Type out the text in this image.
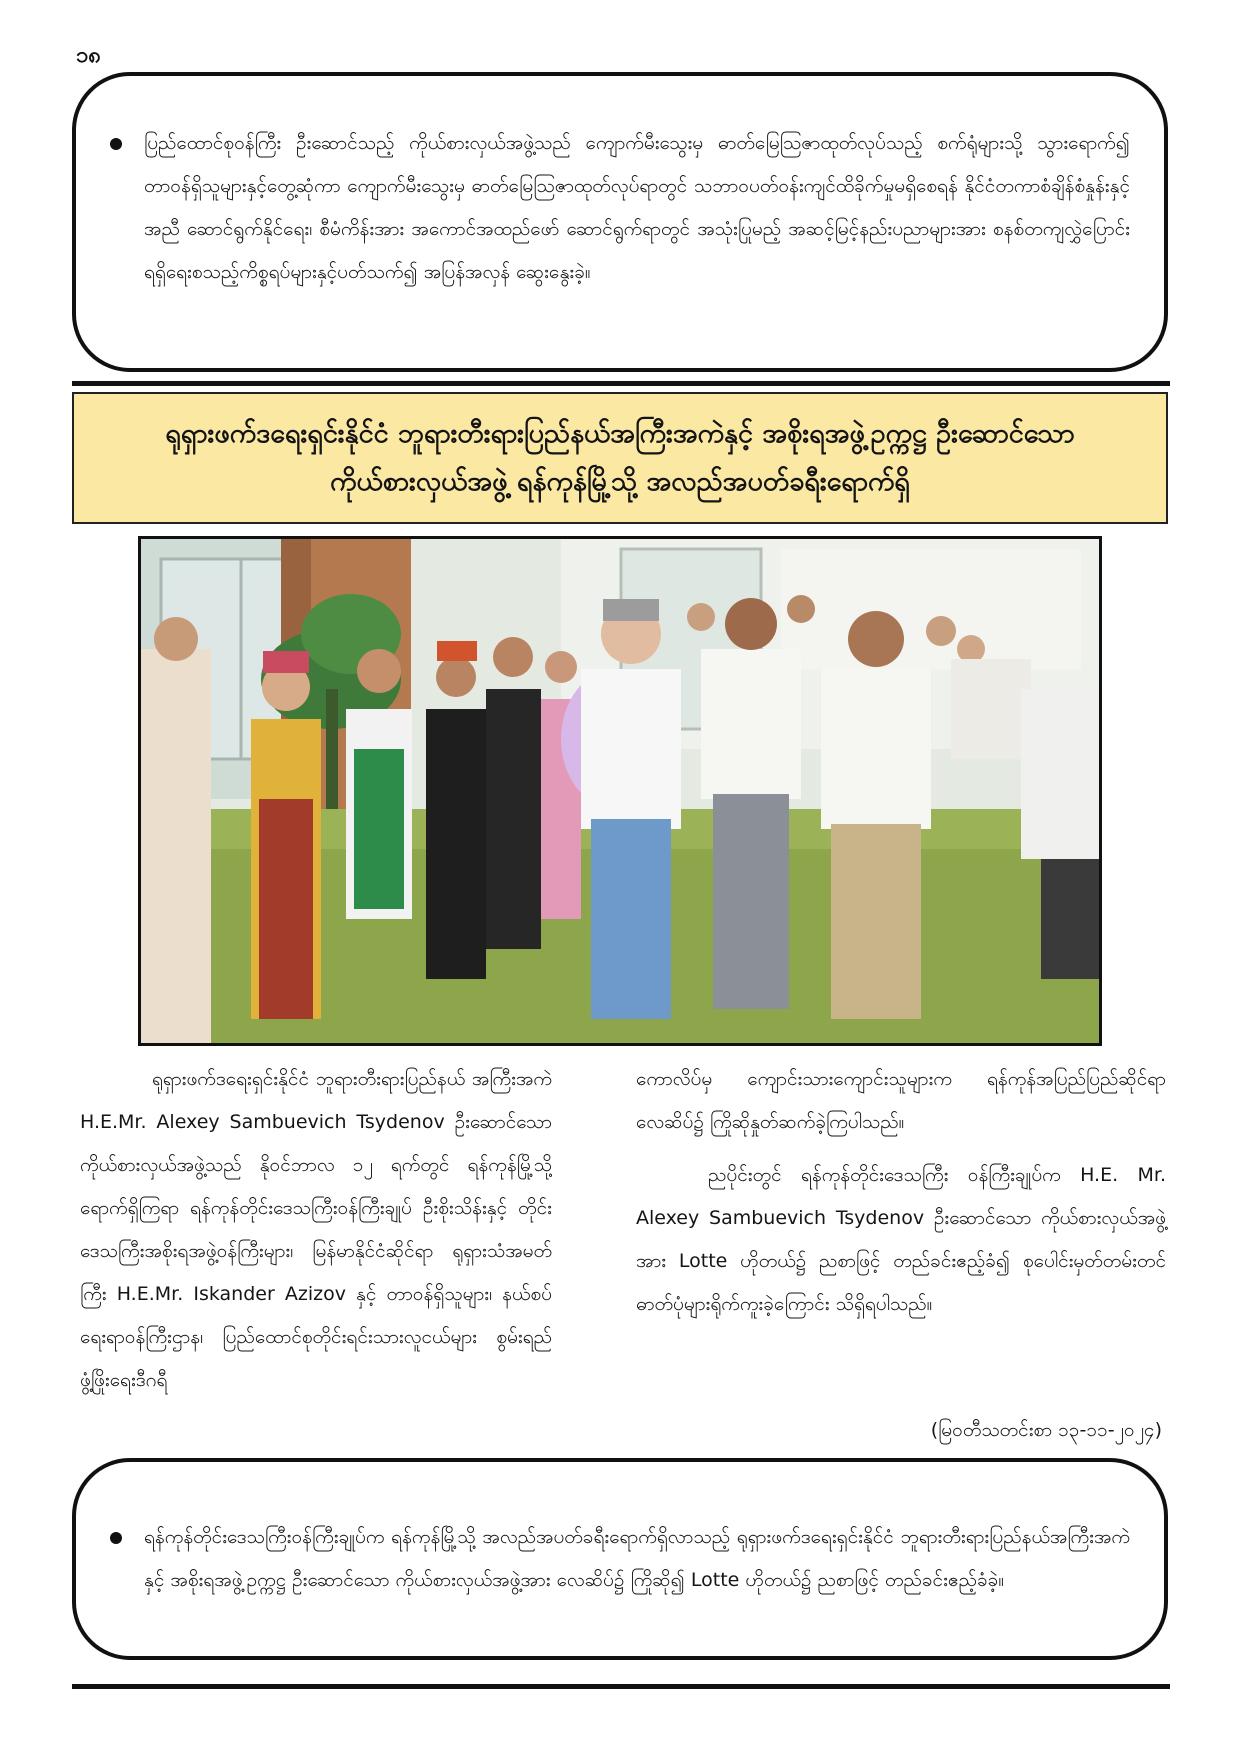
၁၈
ပြည်ထောင်စုဝန်ကြီး ဦးဆောင်သည့် ကိုယ်စားလှယ်အဖွဲ့သည် ကျောက်မီးသွေးမှ ဓာတ်မြေသြဇာထုတ်လုပ်သည့် စက်ရုံများသို့ သွားရောက်၍ တာဝန်ရှိသူများနှင့်တွေ့ဆုံကာ ကျောက်မီးသွေးမှ ဓာတ်မြေသြဇာထုတ်လုပ်ရာတွင် သဘာဝပတ်ဝန်းကျင်ထိခိုက်မှုမရှိစေရန် နိုင်ငံတကာစံချိန်စံနှုန်းနှင့်အညီ ဆောင်ရွက်နိုင်ရေး၊ စီမံကိန်းအား အကောင်အထည်ဖော် ဆောင်ရွက်ရာတွင် အသုံးပြုမည့် အဆင့်မြင့်နည်းပညာများအား စနစ်တကျလွှဲပြောင်းရရှိရေးစသည့်ကိစ္စရပ်များနှင့်ပတ်သက်၍ အပြန်အလှန် ဆွေးနွေးခဲ့။
ရုရှားဖက်ဒရေးရှင်းနိုင်ငံ ဘူရားတီးရားပြည်နယ်အကြီးအကဲနှင့် အစိုးရအဖွဲ့ဥက္ကဋ္ဌ ဦးဆောင်သော
ကိုယ်စားလှယ်အဖွဲ့ ရန်ကုန်မြို့သို့ အလည်အပတ်ခရီးရောက်ရှိ

ရုရှားဖက်ဒရေးရှင်းနိုင်ငံ ဘူရားတီးရားပြည်နယ် အကြီးအကဲ H.E.Mr. Alexey Sambuevich Tsydenov ဦးဆောင်သော ကိုယ်စားလှယ်အဖွဲ့သည် နိုဝင်ဘာလ ၁၂ ရက်တွင် ရန်ကုန်မြို့သို့ ရောက်ရှိကြရာ ရန်ကုန်တိုင်းဒေသကြီးဝန်ကြီးချုပ် ဦးစိုးသိန်းနှင့် တိုင်းဒေသကြီးအစိုးရအဖွဲ့ဝန်ကြီးများ၊ မြန်မာနိုင်ငံဆိုင်ရာ ရုရှားသံအမတ်ကြီး H.E.Mr. Iskander Azizov နှင့် တာဝန်ရှိသူများ၊ နယ်စပ်ရေးရာဝန်ကြီးဌာန၊ ပြည်ထောင်စုတိုင်းရင်းသားလူငယ်များ စွမ်းရည်ဖွံ့ဖြိုးရေးဒီဂရီ

ကောလိပ်မှ ကျောင်းသားကျောင်းသူများက ရန်ကုန်အပြည်ပြည်ဆိုင်ရာလေဆိပ်၌ ကြိုဆိုနှုတ်ဆက်ခဲ့ကြပါသည်။

ညပိုင်းတွင် ရန်ကုန်တိုင်းဒေသကြီး ဝန်ကြီးချုပ်က H.E. Mr. Alexey Sambuevich Tsydenov ဦးဆောင်သော ကိုယ်စားလှယ်အဖွဲ့အား Lotte ဟိုတယ်၌ ညစာဖြင့် တည်ခင်းဧည့်ခံ၍ စုပေါင်းမှတ်တမ်းတင်ဓာတ်ပုံများရိုက်ကူးခဲ့ကြောင်း သိရှိရပါသည်။

(မြဝတီသတင်းစာ ၁၃-၁၁-၂၀၂၄)
ရန်ကုန်တိုင်းဒေသကြီးဝန်ကြီးချုပ်က ရန်ကုန်မြို့သို့ အလည်အပတ်ခရီးရောက်ရှိလာသည့် ရုရှားဖက်ဒရေးရှင်းနိုင်ငံ ဘူရားတီးရားပြည်နယ်အကြီးအကဲနှင့် အစိုးရအဖွဲ့ဥက္ကဋ္ဌ ဦးဆောင်သော ကိုယ်စားလှယ်အဖွဲ့အား လေဆိပ်၌ ကြိုဆို၍ Lotte ဟိုတယ်၌ ညစာဖြင့် တည်ခင်းဧည့်ခံခဲ့။
